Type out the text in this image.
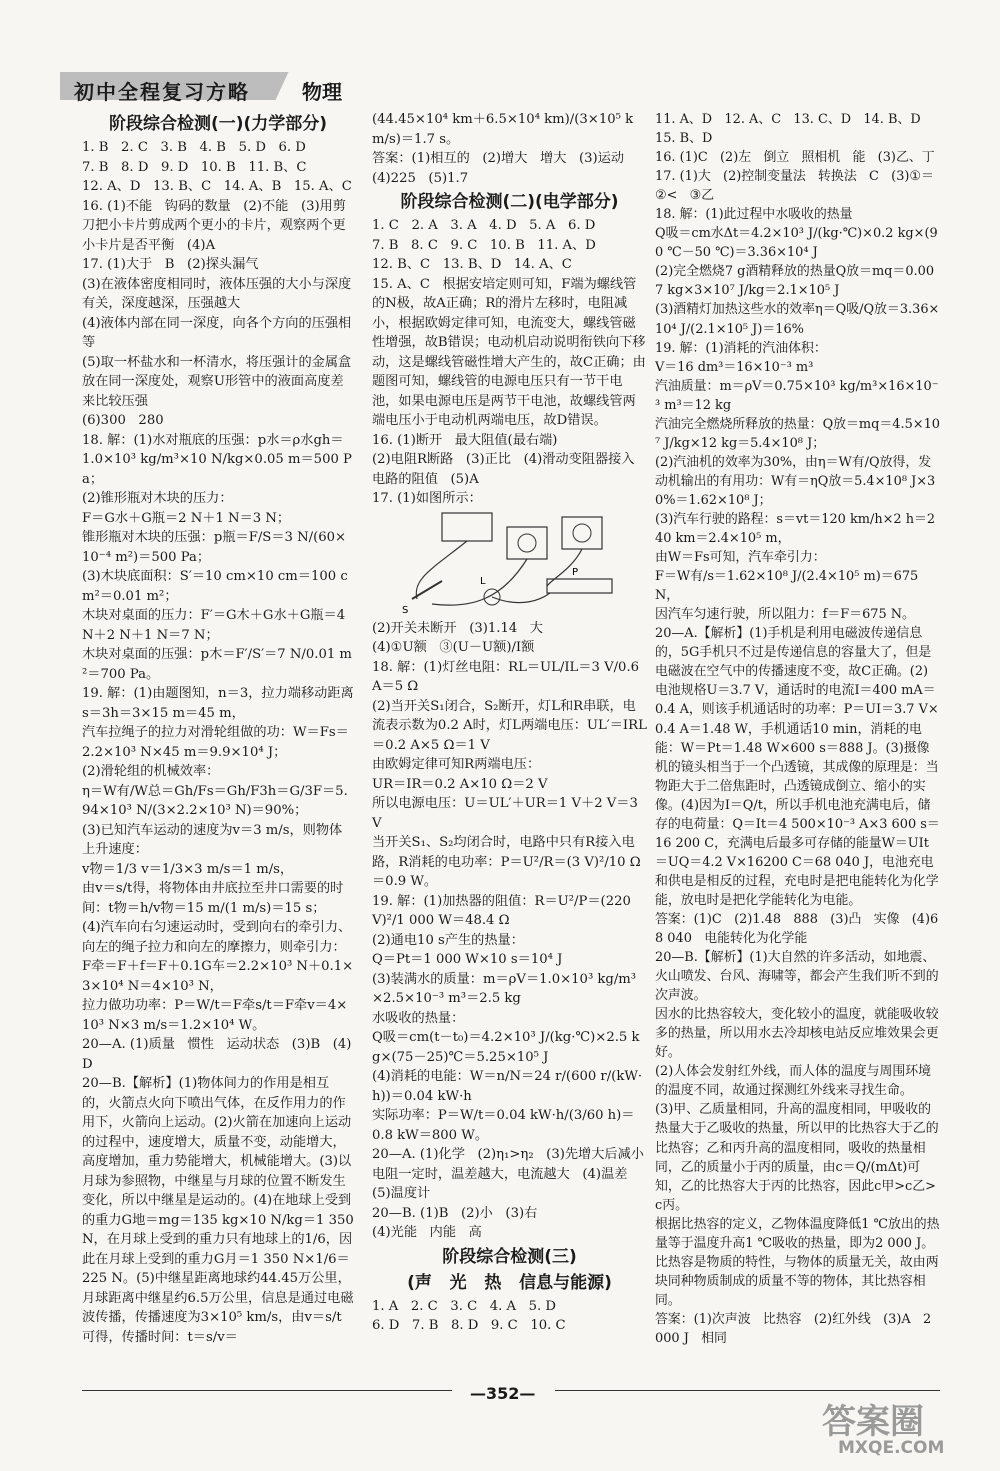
初中全程复习方略	物理

阶段综合检测(一)(力学部分)

1. B   2. C   3. B   4. B   5. D   6. D

7. B   8. D   9. D   10. B   11. B、C

12. A、D   13. B、C   14. A、B   15. A、C

16. (1)不能   钩码的数量   (2)不能   (3)用剪刀把小卡片剪成两个更小的卡片，观察两个更小卡片是否平衡   (4)A

17. (1)大于   B   (2)探头漏气

(3)在液体密度相同时，液体压强的大小与深度有关，深度越深，压强越大

(4)液体内部在同一深度，向各个方向的压强相等

(5)取一杯盐水和一杯清水，将压强计的金属盒放在同一深度处，观察U形管中的液面高度差来比较压强

(6)300   280

18. 解：(1)水对瓶底的压强：p水＝ρ水gh＝1.0×10³ kg/m³×10 N/kg×0.05 m＝500 Pa；

(2)锥形瓶对木块的压力：

F＝G水＋G瓶＝2 N＋1 N＝3 N；

锥形瓶对木块的压强：p瓶＝F/S＝3 N/(60×10⁻⁴ m²)＝500 Pa；

(3)木块底面积：S′＝10 cm×10 cm＝100 cm²＝0.01 m²；

木块对桌面的压力：F′＝G木＋G水＋G瓶＝4 N＋2 N＋1 N＝7 N；

木块对桌面的压强：p木＝F′/S′＝7 N/0.01 m²＝700 Pa。

19. 解：(1)由题图知，n＝3，拉力端移动距离s＝3h＝3×15 m＝45 m，

汽车拉绳子的拉力对滑轮组做的功：W＝Fs＝2.2×10³ N×45 m＝9.9×10⁴ J；

(2)滑轮组的机械效率：

η＝W有/W总＝Gh/Fs＝Gh/F3h＝G/3F＝5.94×10³ N/(3×2.2×10³ N)＝90%；

(3)已知汽车运动的速度为v＝3 m/s，则物体上升速度：

v物＝1/3 v＝1/3×3 m/s＝1 m/s，

由v＝s/t得，将物体由井底拉至井口需要的时间：t物＝h/v物＝15 m/(1 m/s)＝15 s；

(4)汽车向右匀速运动时，受到向右的牵引力、向左的绳子拉力和向左的摩擦力，则牵引力：

F牵＝F＋f＝F＋0.1G车＝2.2×10³ N＋0.1×3×10⁴ N＝4×10³ N，

拉力做功功率：P＝W/t＝F牵s/t＝F牵v＝4×10³ N×3 m/s＝1.2×10⁴ W。

20—A. (1)质量   惯性   运动状态   (3)B   (4)D

20—B.【解析】(1)物体间力的作用是相互的，火箭点火向下喷出气体，在反作用力的作用下，火箭向上运动。(2)火箭在加速向上运动的过程中，速度增大，质量不变，动能增大，高度增加，重力势能增大，机械能增大。(3)以月球为参照物，中继星与月球的位置不断发生变化，所以中继星是运动的。(4)在地球上受到的重力G地＝mg＝135 kg×10 N/kg＝1 350 N，在月球上受到的重力只有地球上的1/6，因此在月球上受到的重力G月＝1 350 N×1/6＝225 N。(5)中继星距离地球约44.45万公里，月球距离中继星约6.5万公里，信息是通过电磁波传播，传播速度为3×10⁵ km/s，由v＝s/t可得，传播时间：t＝s/v＝

(44.45×10⁴ km＋6.5×10⁴ km)/(3×10⁵ km/s)＝1.7 s。

答案：(1)相互的   (2)增大   增大   (3)运动   (4)225   (5)1.7

阶段综合检测(二)(电学部分)

1. C   2. A   3. A   4. D   5. A   6. D

7. B   8. C   9. C   10. B   11. A、D

12. B、C   13. B、D   14. A、C

15. A、C   根据安培定则可知，F端为螺线管的N极，故A正确；R的滑片左移时，电阻减小，根据欧姆定律可知，电流变大，螺线管磁性增强，故B错误；电动机启动说明衔铁向下移动，这是螺线管磁性增大产生的，故C正确；由题图可知，螺线管的电源电压只有一节干电池，如果电源电压是两节干电池，故螺线管两端电压小于电动机两端电压，故D错误。

16. (1)断开   最大阻值(最右端)

(2)电阻R断路   (3)正比   (4)滑动变阻器接入电路的阻值   (5)A

17. (1)如图所示：

S
L
P

(2)开关未断开   (3)1.14   大

(4)①U额   ③(U－U额)/I额

18. 解：(1)灯丝电阻：RL＝UL/IL＝3 V/0.6 A＝5 Ω

(2)当开关S₁闭合，S₂断开，灯L和R串联，电流表示数为0.2 A时，灯L两端电压：UL′＝IRL＝0.2 A×5 Ω＝1 V

由欧姆定律可知R两端电压：

UR＝IR＝0.2 A×10 Ω＝2 V

所以电源电压：U＝UL′＋UR＝1 V＋2 V＝3 V

当开关S₁、S₂均闭合时，电路中只有R接入电路，R消耗的电功率：P＝U²/R＝(3 V)²/10 Ω＝0.9 W。

19. 解：(1)加热器的阻值：R＝U²/P＝(220 V)²/1 000 W＝48.4 Ω

(2)通电10 s产生的热量：

Q＝Pt＝1 000 W×10 s＝10⁴ J

(3)装满水的质量：m＝ρV＝1.0×10³ kg/m³×2.5×10⁻³ m³＝2.5 kg

水吸收的热量：

Q吸＝cm(t－t₀)＝4.2×10³ J/(kg·℃)×2.5 kg×(75－25)℃＝5.25×10⁵ J

(4)消耗的电能：W＝n/N＝24 r/(600 r/(kW·h))＝0.04 kW·h

实际功率：P＝W/t＝0.04 kW·h/(3/60 h)＝0.8 kW＝800 W。

20—A. (1)化学   (2)η₁>η₂   (3)先增大后减小   电阻一定时，温差越大，电流越大   (4)温差   (5)温度计

20—B. (1)B   (2)小   (3)右

(4)光能   内能   高

阶段综合检测(三)

(声   光   热   信息与能源)

1. A   2. C   3. C   4. A   5. D

6. D   7. B   8. D   9. C   10. C

11. A、D   12. A、C   13. C、D   14. B、D

15. B、D

16. (1)C   (2)左   倒立   照相机   能   (3)乙、丁

17. (1)大   (2)控制变量法   转换法   C   (3)①＝   ②<   ③乙

18. 解：(1)此过程中水吸收的热量

Q吸＝cm水Δt＝4.2×10³ J/(kg·℃)×0.2 kg×(90 ℃－50 ℃)＝3.36×10⁴ J

(2)完全燃烧7 g酒精释放的热量Q放＝mq＝0.007 kg×3×10⁷ J/kg＝2.1×10⁵ J

(3)酒精灯加热这些水的效率η＝Q吸/Q放＝3.36×10⁴ J/(2.1×10⁵ J)＝16%

19. 解：(1)消耗的汽油体积：

V＝16 dm³＝16×10⁻³ m³

汽油质量：m＝ρV＝0.75×10³ kg/m³×16×10⁻³ m³＝12 kg

汽油完全燃烧所释放的热量：Q放＝mq＝4.5×10⁷ J/kg×12 kg＝5.4×10⁸ J；

(2)汽油机的效率为30%，由η＝W有/Q放得，发动机输出的有用功：W有＝ηQ放＝5.4×10⁸ J×30%＝1.62×10⁸ J；

(3)汽车行驶的路程：s＝vt＝120 km/h×2 h＝240 km＝2.4×10⁵ m，

由W＝Fs可知，汽车牵引力：

F＝W有/s＝1.62×10⁸ J/(2.4×10⁵ m)＝675 N，

因汽车匀速行驶，所以阻力：f＝F＝675 N。

20—A.【解析】(1)手机是利用电磁波传递信息的，5G手机只不过是传递信息的容量大了，但是电磁波在空气中的传播速度不变，故C正确。(2)电池规格U＝3.7 V，通话时的电流I＝400 mA＝0.4 A，则该手机通话时的功率：P＝UI＝3.7 V×0.4 A＝1.48 W，手机通话10 min，消耗的电能：W＝Pt＝1.48 W×600 s＝888 J。(3)摄像机的镜头相当于一个凸透镜，其成像的原理是：当物距大于二倍焦距时，凸透镜成倒立、缩小的实像。(4)因为I＝Q/t，所以手机电池充满电后，储存的电荷量：Q＝It＝4 500×10⁻³ A×3 600 s＝16 200 C，充满电后最多可存储的能量W＝UIt＝UQ＝4.2 V×16200 C＝68 040 J，电池充电和供电是相反的过程，充电时是把电能转化为化学能，放电时是把化学能转化为电能。

答案：(1)C   (2)1.48   888   (3)凸   实像   (4)68 040   电能转化为化学能

20—B.【解析】(1)大自然的许多活动，如地震、火山喷发、台风、海啸等，都会产生我们听不到的次声波。

因水的比热容较大，变化较小的温度，就能吸收较多的热量，所以用水去冷却核电站反应堆效果会更好。

(2)人体会发射红外线，而人体的温度与周围环境的温度不同，故通过探测红外线来寻找生命。

(3)甲、乙质量相同，升高的温度相同，甲吸收的热量大于乙吸收的热量，所以甲的比热容大于乙的比热容；乙和丙升高的温度相同，吸收的热量相同，乙的质量小于丙的质量，由c＝Q/(mΔt)可知，乙的比热容大于丙的比热容，因此c甲>c乙>c丙。

根据比热容的定义，乙物体温度降低1 ℃放出的热量等于温度升高1 ℃吸收的热量，即为2 000 J。

比热容是物质的特性，与物体的质量无关，故由两块同种物质制成的质量不等的物体，其比热容相同。

答案：(1)次声波   比热容   (2)红外线   (3)A   2 000 J   相同

—352—
答案圈
MXQE.COM
